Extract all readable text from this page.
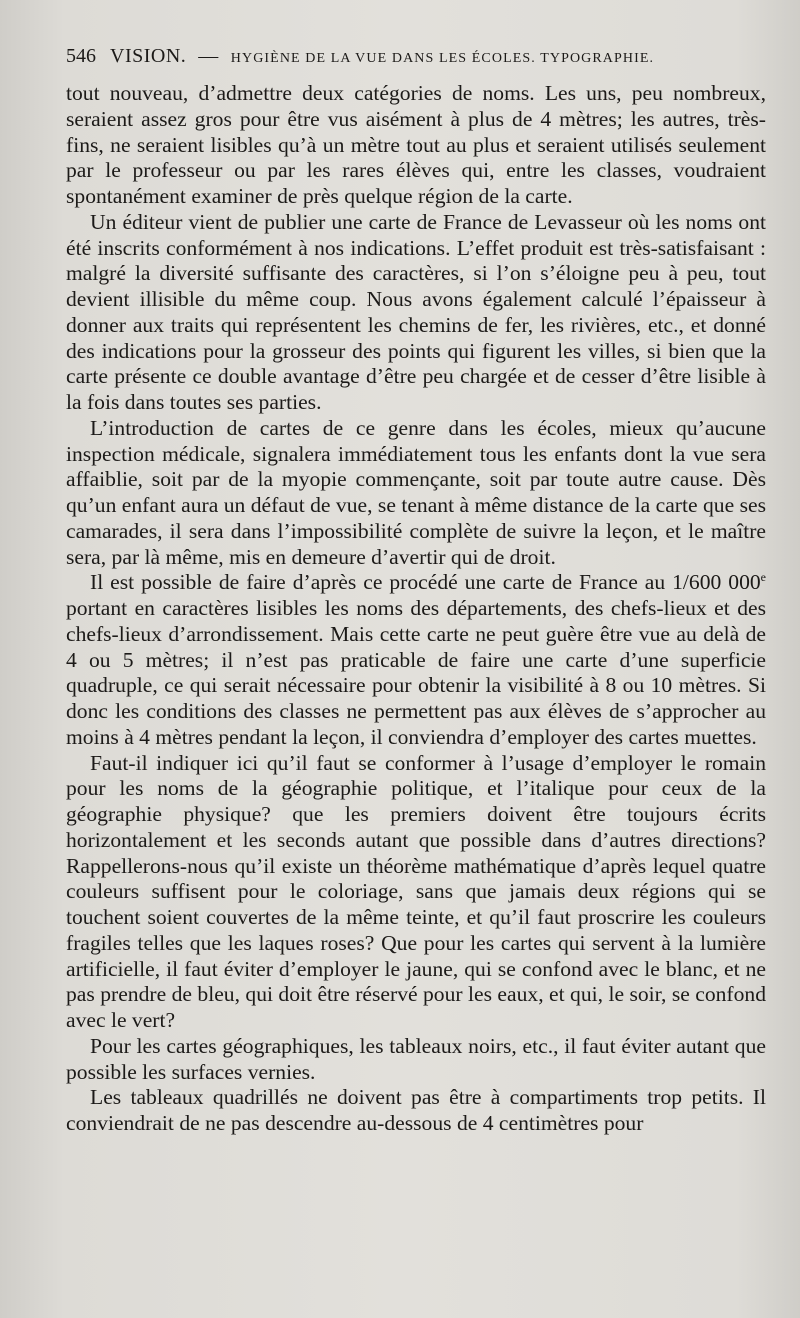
546 VISION. — HYGIÈNE DE LA VUE DANS LES ÉCOLES. TYPOGRAPHIE.

tout nouveau, d’admettre deux catégories de noms. Les uns, peu nombreux, seraient assez gros pour être vus aisément à plus de 4 mètres; les autres, très-fins, ne seraient lisibles qu’à un mètre tout au plus et seraient utilisés seulement par le professeur ou par les rares élèves qui, entre les classes, voudraient spontanément examiner de près quelque région de la carte.

Un éditeur vient de publier une carte de France de Levasseur où les noms ont été inscrits conformément à nos indications. L’effet produit est très-satisfaisant : malgré la diversité suffisante des caractères, si l’on s’éloigne peu à peu, tout devient illisible du même coup. Nous avons également calculé l’épaisseur à donner aux traits qui représentent les chemins de fer, les rivières, etc., et donné des indications pour la grosseur des points qui figurent les villes, si bien que la carte présente ce double avantage d’être peu chargée et de cesser d’être lisible à la fois dans toutes ses parties.

L’introduction de cartes de ce genre dans les écoles, mieux qu’aucune inspection médicale, signalera immédiatement tous les enfants dont la vue sera affaiblie, soit par de la myopie commençante, soit par toute autre cause. Dès qu’un enfant aura un défaut de vue, se tenant à même distance de la carte que ses camarades, il sera dans l’impossibilité complète de suivre la leçon, et le maître sera, par là même, mis en demeure d’avertir qui de droit.

Il est possible de faire d’après ce procédé une carte de France au 1/600 000e portant en caractères lisibles les noms des départements, des chefs-lieux et des chefs-lieux d’arrondissement. Mais cette carte ne peut guère être vue au delà de 4 ou 5 mètres; il n’est pas praticable de faire une carte d’une superficie quadruple, ce qui serait nécessaire pour obtenir la visibilité à 8 ou 10 mètres. Si donc les conditions des classes ne permettent pas aux élèves de s’approcher au moins à 4 mètres pendant la leçon, il conviendra d’employer des cartes muettes.

Faut-il indiquer ici qu’il faut se conformer à l’usage d’employer le romain pour les noms de la géographie politique, et l’italique pour ceux de la géographie physique? que les premiers doivent être toujours écrits horizontalement et les seconds autant que possible dans d’autres directions? Rappellerons-nous qu’il existe un théorème mathématique d’après lequel quatre couleurs suffisent pour le coloriage, sans que jamais deux régions qui se touchent soient couvertes de la même teinte, et qu’il faut proscrire les couleurs fragiles telles que les laques roses? Que pour les cartes qui servent à la lumière artificielle, il faut éviter d’employer le jaune, qui se confond avec le blanc, et ne pas prendre de bleu, qui doit être réservé pour les eaux, et qui, le soir, se confond avec le vert?

Pour les cartes géographiques, les tableaux noirs, etc., il faut éviter autant que possible les surfaces vernies.

Les tableaux quadrillés ne doivent pas être à compartiments trop petits. Il conviendrait de ne pas descendre au-dessous de 4 centimètres pour
